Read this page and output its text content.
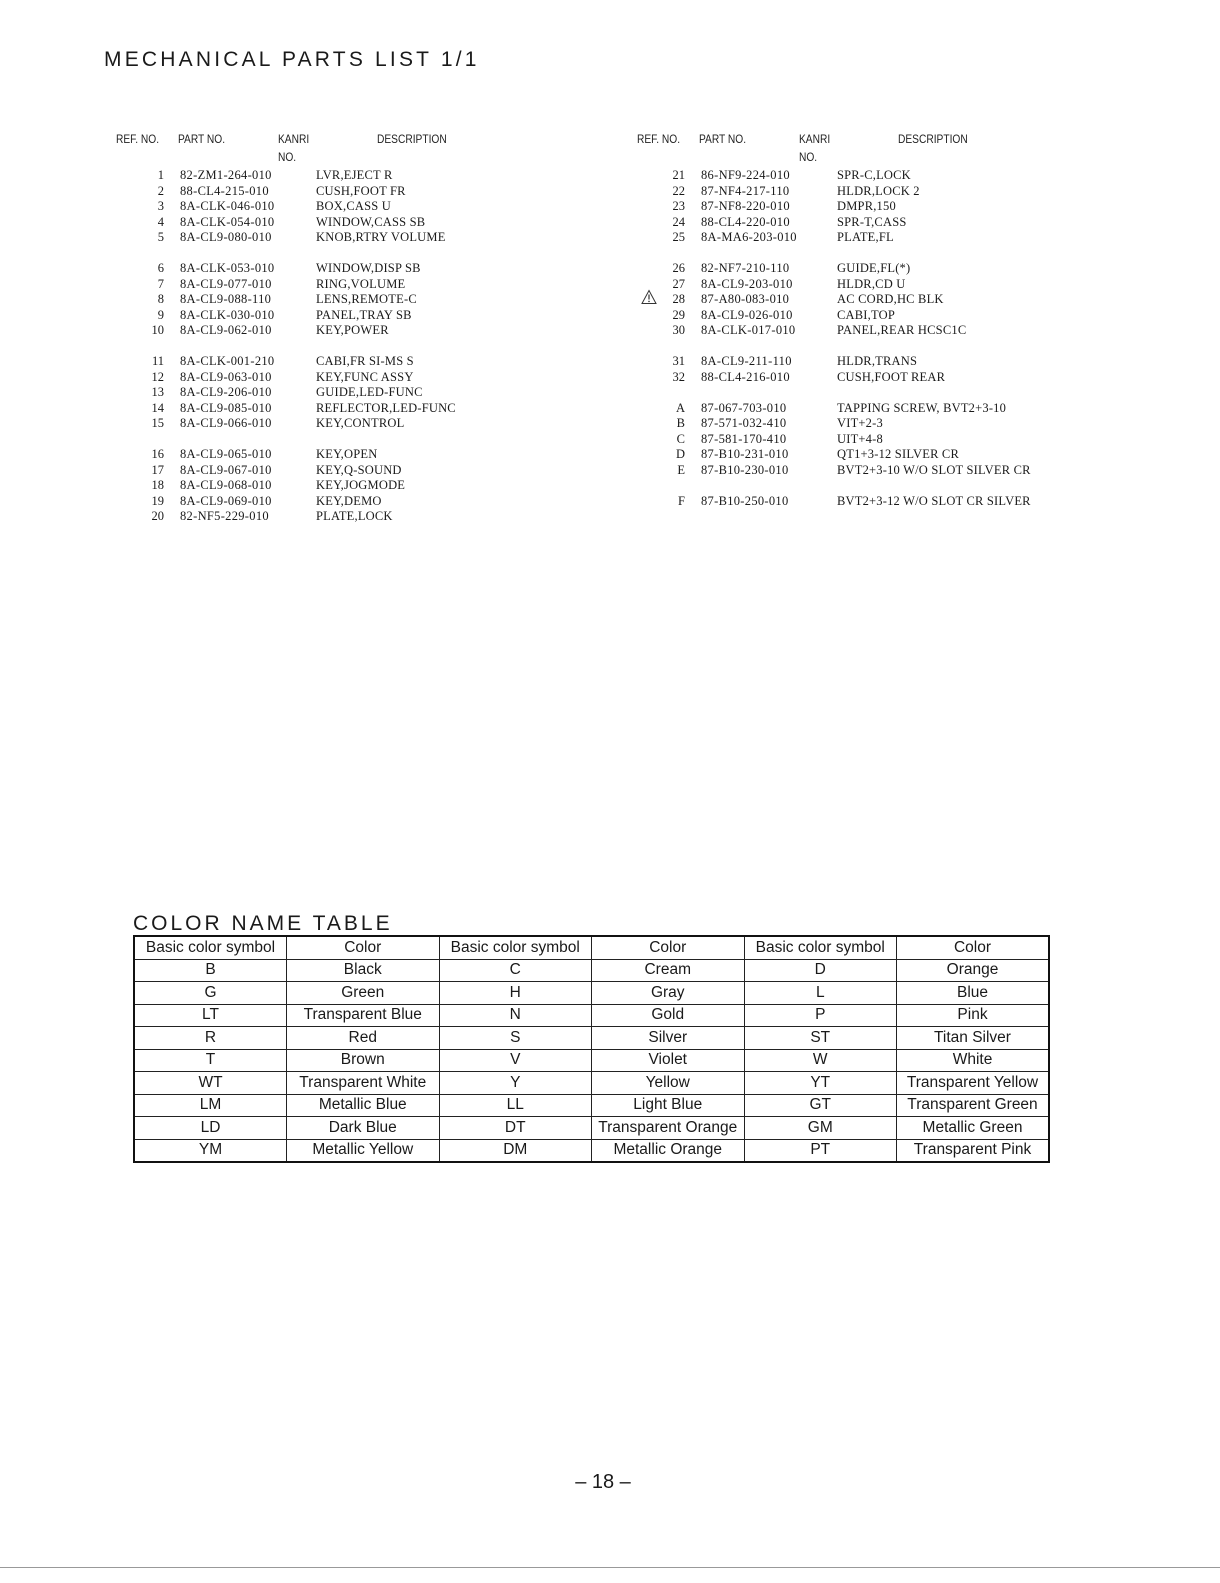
MECHANICAL PARTS LIST 1/1
REF. NO. PART NO.	KANRI
NO.
DESCRIPTION
1 82-ZM1-264-010	LVR,EJECT R
2 88-CL4-215-010	CUSH,FOOT FR
3 8A-CLK-046-010	BOX,CASS U
4 8A-CLK-054-010	WINDOW,CASS SB
5 8A-CL9-080-010	KNOB,RTRY VOLUME
6 8A-CLK-053-010	WINDOW,DISP SB
7 8A-CL9-077-010	RING,VOLUME
8 8A-CL9-088-110	LENS,REMOTE-C
9 8A-CLK-030-010	PANEL,TRAY SB
10 8A-CL9-062-010	KEY,POWER
11 8A-CLK-001-210	CABI,FR SI-MS S
12 8A-CL9-063-010	KEY,FUNC ASSY
13 8A-CL9-206-010	GUIDE,LED-FUNC
14 8A-CL9-085-010	REFLECTOR,LED-FUNC
15 8A-CL9-066-010	KEY,CONTROL
16 8A-CL9-065-010	KEY,OPEN
17 8A-CL9-067-010	KEY,Q-SOUND
18 8A-CL9-068-010	KEY,JOGMODE
19 8A-CL9-069-010	KEY,DEMO
20 82-NF5-229-010	PLATE,LOCK
REF. NO. PART NO.	KANRI
NO.
DESCRIPTION
21 86-NF9-224-010	SPR-C,LOCK
22 87-NF4-217-110	HLDR,LOCK 2
23 87-NF8-220-010	DMPR,150
24 88-CL4-220-010	SPR-T,CASS
25 8A-MA6-203-010	PLATE,FL
26 82-NF7-210-110	GUIDE,FL(*)
27 8A-CL9-203-010	HLDR,CD U
28 87-A80-083-010	AC CORD,HC BLK
29 8A-CL9-026-010	CABI,TOP
30 8A-CLK-017-010	PANEL,REAR HCSC1C
31 8A-CL9-211-110	HLDR,TRANS
32 88-CL4-216-010	CUSH,FOOT REAR
A 87-067-703-010	TAPPING SCREW, BVT2+3-10
B 87-571-032-410	VIT+2-3
C 87-581-170-410	UIT+4-8
D 87-B10-231-010	QT1+3-12 SILVER CR
E 87-B10-230-010	BVT2+3-10 W/O SLOT SILVER CR
F 87-B10-250-010	BVT2+3-12 W/O SLOT CR SILVER
COLOR NAME TABLE
Basic color symbol	Color	Basic color symbol	Color	Basic color symbol	Color
B	Black	C	Cream	D	Orange
G	Green	H	Gray	L	Blue
LT	Transparent Blue	N	Gold	P	Pink
R	Red	S	Silver	ST	Titan Silver
T	Brown	V	Violet	W	White
WT	Transparent White	Y	Yellow	YT	Transparent Yellow
LM	Metallic Blue	LL	Light Blue	GT	Transparent Green
LD	Dark Blue	DT	Transparent Orange	GM	Metallic Green
YM	Metallic Yellow	DM	Metallic Orange	PT	Transparent Pink
– 18 –
